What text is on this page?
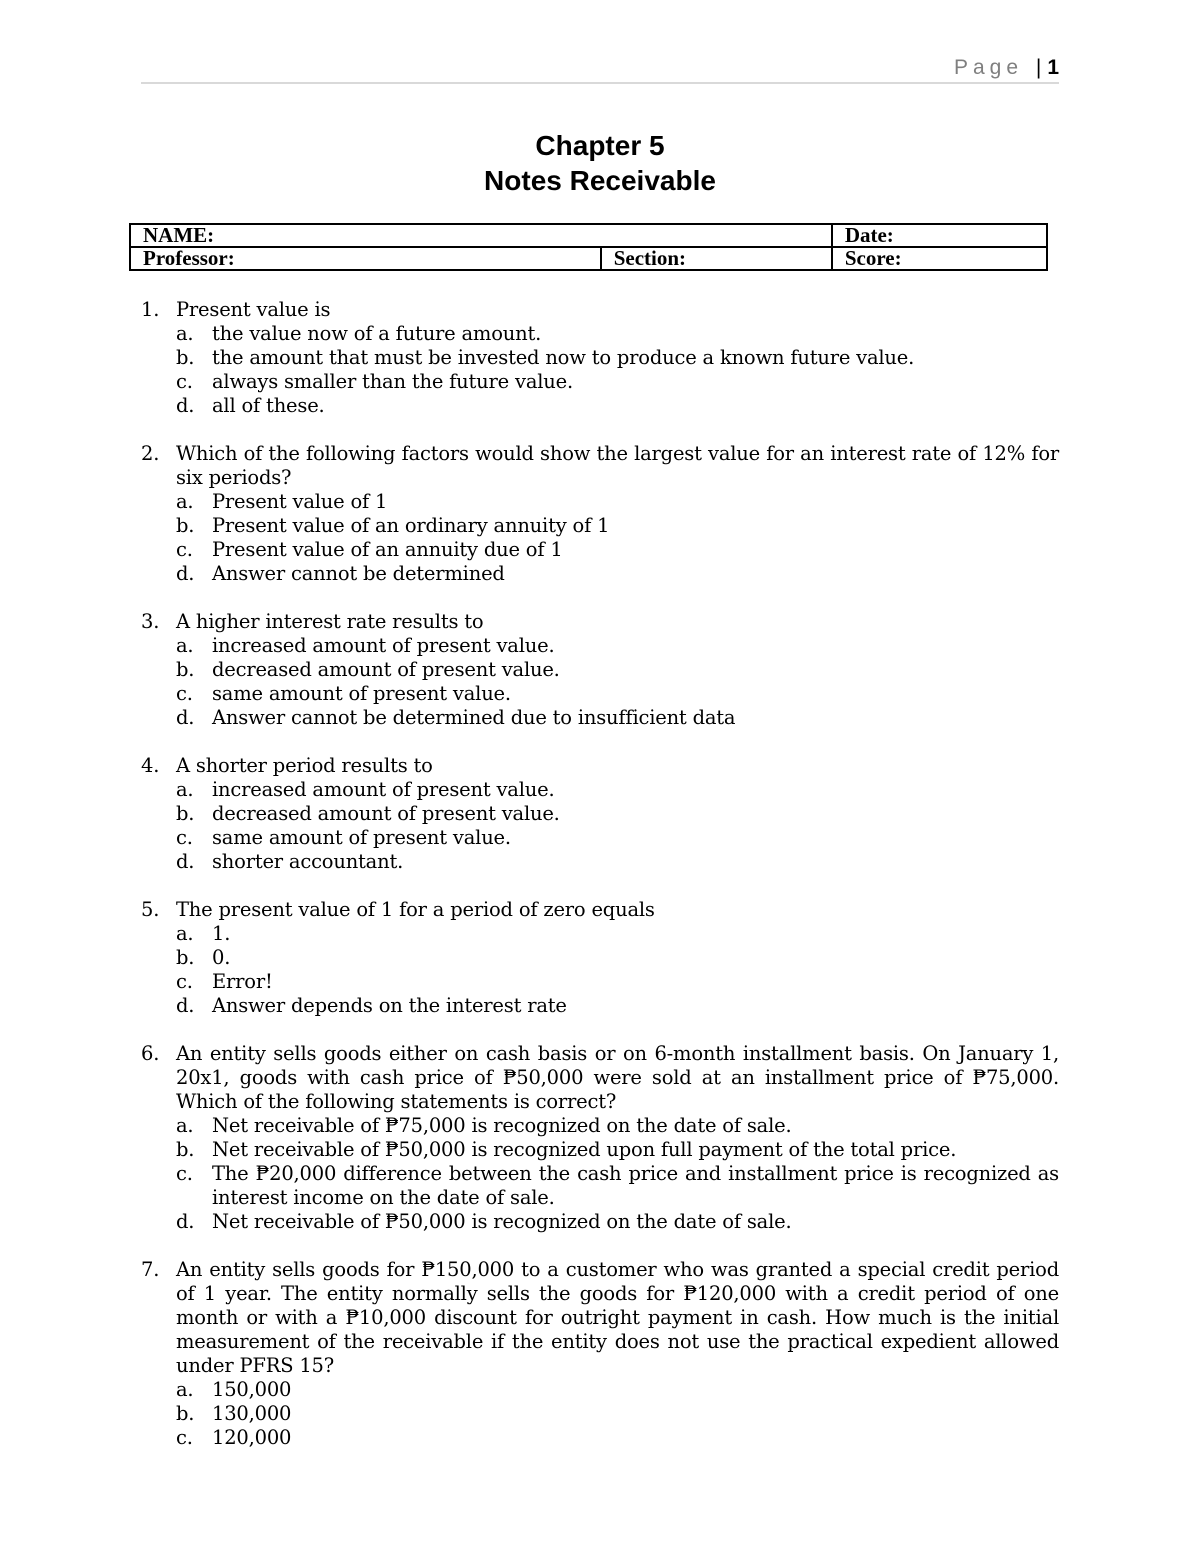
Page | 1
Chapter 5
Notes Receivable
NAME:		Date:
Professor:	Section:	Score:
1. Present value is
a. the value now of a future amount.
b. the amount that must be invested now to produce a known future value.
c. always smaller than the future value.
d. all of these.
2. Which of the following factors would show the largest value for an interest rate of 12% for six periods?
a. Present value of 1
b. Present value of an ordinary annuity of 1
c. Present value of an annuity due of 1
d. Answer cannot be determined
3. A higher interest rate results to
a. increased amount of present value.
b. decreased amount of present value.
c. same amount of present value.
d. Answer cannot be determined due to insufficient data
4. A shorter period results to
a. increased amount of present value.
b. decreased amount of present value.
c. same amount of present value.
d. shorter accountant.
5. The present value of 1 for a period of zero equals
a. 1.
b. 0.
c. Error!
d. Answer depends on the interest rate
6. An entity sells goods either on cash basis or on 6-month installment basis. On January 1, 20x1, goods with cash price of ₱50,000 were sold at an installment price of ₱75,000. Which of the following statements is correct?
a. Net receivable of ₱75,000 is recognized on the date of sale.
b. Net receivable of ₱50,000 is recognized upon full payment of the total price.
c. The ₱20,000 difference between the cash price and installment price is recognized as interest income on the date of sale.
d. Net receivable of ₱50,000 is recognized on the date of sale.
7. An entity sells goods for ₱150,000 to a customer who was granted a special credit period of 1 year. The entity normally sells the goods for ₱120,000 with a credit period of one month or with a ₱10,000 discount for outright payment in cash. How much is the initial measurement of the receivable if the entity does not use the practical expedient allowed under PFRS 15?
a. 150,000
b. 130,000
c. 120,000
